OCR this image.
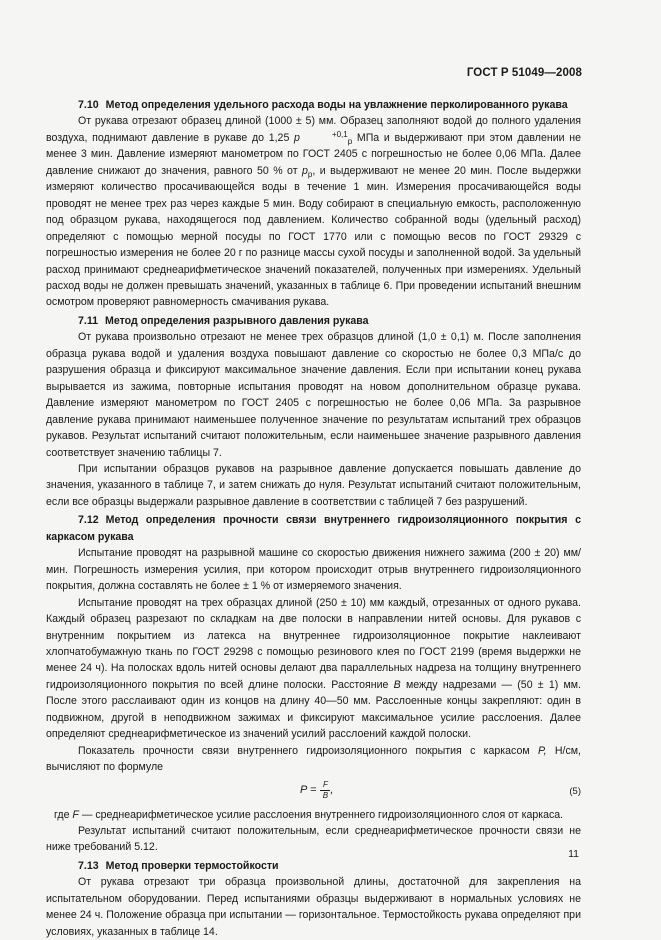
ГОСТ Р 51049—2008

7.10 Метод определения удельного расхода воды на увлажнение перколированного рукава

От рукава отрезают образец длиной (1000 ± 5) мм. Образец заполняют водой до полного удаления воздуха, поднимают давление в рукаве до 1,25 p	$+0,1_р$ МПа и выдерживают при этом давлении не менее 3 мин. Давление измеряют манометром по ГОСТ 2405 с погрешностью не более 0,06 МПа. Далее давление снижают до значения, равного 50 % от $p_р$, и выдерживают не менее 20 мин. После выдержки измеряют количество просачивающейся воды в течение 1 мин. Измерения просачивающейся воды проводят не менее трех раз через каждые 5 мин. Воду собирают в специальную емкость, расположенную под образцом рукава, находящегося под давлением. Количество собранной воды (удельный расход) определяют с помощью мерной посуды по ГОСТ 1770 или с помощью весов по ГОСТ 29329 с погрешностью измерения не более 20 г по разнице массы сухой посуды и заполненной водой. За удельный расход принимают среднеарифметическое значений показателей, полученных при измерениях. Удельный расход воды не должен превышать значений, указанных в таблице 6. При проведении испытаний внешним осмотром проверяют равномерность смачивания рукава.

7.11 Метод определения разрывного давления рукава

От рукава произвольно отрезают не менее трех образцов длиной (1,0 ± 0,1) м. После заполнения образца рукава водой и удаления воздуха повышают давление со скоростью не более 0,3 МПа/с до разрушения образца и фиксируют максимальное значение давления. Если при испытании конец рукава вырывается из зажима, повторные испытания проводят на новом дополнительном образце рукава. Давление измеряют манометром по ГОСТ 2405 с погрешностью не более 0,06 МПа. За разрывное давление рукава принимают наименьшее полученное значение по результатам испытаний трех образцов рукавов. Результат испытаний считают положительным, если наименьшее значение разрывного давления соответствует значению таблицы 7.

При испытании образцов рукавов на разрывное давление допускается повышать давление до значения, указанного в таблице 7, и затем снижать до нуля. Результат испытаний считают положительным, если все образцы выдержали разрывное давление в соответствии с таблицей 7 без разрушений.

7.12 Метод определения прочности связи внутреннего гидроизоляционного покрытия с каркасом рукава

Испытание проводят на разрывной машине со скоростью движения нижнего зажима (200 ± 20) мм/мин. Погрешность измерения усилия, при котором происходит отрыв внутреннего гидроизоляционного покрытия, должна составлять не более ± 1 % от измеряемого значения.

Испытание проводят на трех образцах длиной (250 ± 10) мм каждый, отрезанных от одного рукава. Каждый образец разрезают по складкам на две полоски в направлении нитей основы. Для рукавов с внутренним покрытием из латекса на внутреннее гидроизоляционное покрытие наклеивают хлопчатобумажную ткань по ГОСТ 29298 с помощью резинового клея по ГОСТ 2199 (время выдержки не менее 24 ч). На полосках вдоль нитей основы делают два параллельных надреза на толщину внутреннего гидроизоляционного покрытия по всей длине полоски. Расстояние B между надрезами — (50 ± 1) мм. После этого расслаивают один из концов на длину 40—50 мм. Расслоенные концы закрепляют: один в подвижном, другой в неподвижном зажимах и фиксируют максимальное усилие расслоения. Далее определяют среднеарифметическое из значений усилий расслоений каждой полоски.

Показатель прочности связи внутреннего гидроизоляционного покрытия с каркасом P, Н/см, вычисляют по формуле

$P = \frac{F}{B}$ ,	(5)

где F — среднеарифметическое усилие расслоения внутреннего гидроизоляционного слоя от каркаса.

Результат испытаний считают положительным, если среднеарифметическое прочности связи не ниже требований 5.12.

7.13 Метод проверки термостойкости

От рукава отрезают три образца произвольной длины, достаточной для закрепления на испытательном оборудовании. Перед испытаниями образцы выдерживают в нормальных условиях не менее 24 ч. Положение образца при испытании — горизонтальное. Термостойкость рукава определяют при условиях, указанных в таблице 14.

11
